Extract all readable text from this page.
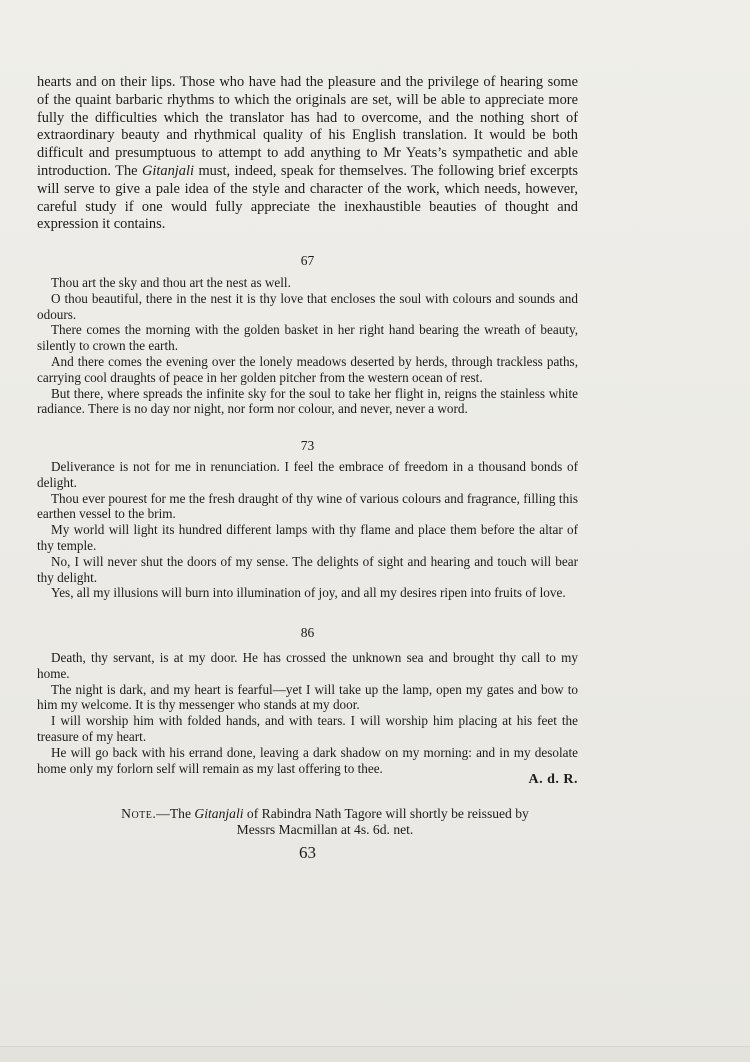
hearts and on their lips. Those who have had the pleasure and the privilege of hearing some of the quaint barbaric rhythms to which the originals are set, will be able to appreciate more fully the difficulties which the translator has had to overcome, and the nothing short of extraordinary beauty and rhythmical quality of his English translation. It would be both difficult and presumptuous to attempt to add anything to Mr Yeats’s sympathetic and able introduction. The Gitanjali must, indeed, speak for themselves. The following brief excerpts will serve to give a pale idea of the style and character of the work, which needs, however, careful study if one would fully appreciate the inexhaustible beauties of thought and expression it contains.
67

Thou art the sky and thou art the nest as well.

O thou beautiful, there in the nest it is thy love that encloses the soul with colours and sounds and odours.

There comes the morning with the golden basket in her right hand bearing the wreath of beauty, silently to crown the earth.

And there comes the evening over the lonely meadows deserted by herds, through trackless paths, carrying cool draughts of peace in her golden pitcher from the western ocean of rest.

But there, where spreads the infinite sky for the soul to take her flight in, reigns the stainless white radiance. There is no day nor night, nor form nor colour, and never, never a word.

73

Deliverance is not for me in renunciation. I feel the embrace of freedom in a thousand bonds of delight.

Thou ever pourest for me the fresh draught of thy wine of various colours and fragrance, filling this earthen vessel to the brim.

My world will light its hundred different lamps with thy flame and place them before the altar of thy temple.

No, I will never shut the doors of my sense. The delights of sight and hearing and touch will bear thy delight.

Yes, all my illusions will burn into illumination of joy, and all my desires ripen into fruits of love.

86

Death, thy servant, is at my door. He has crossed the unknown sea and brought thy call to my home.

The night is dark, and my heart is fearful—yet I will take up the lamp, open my gates and bow to him my welcome. It is thy messenger who stands at my door.

I will worship him with folded hands, and with tears. I will worship him placing at his feet the treasure of my heart.

He will go back with his errand done, leaving a dark shadow on my morning: and in my desolate home only my forlorn self will remain as my last offering to thee.

A. d. R.
Note.—The Gitanjali of Rabindra Nath Tagore will shortly be reissued by
Messrs Macmillan at 4s. 6d. net.
63
